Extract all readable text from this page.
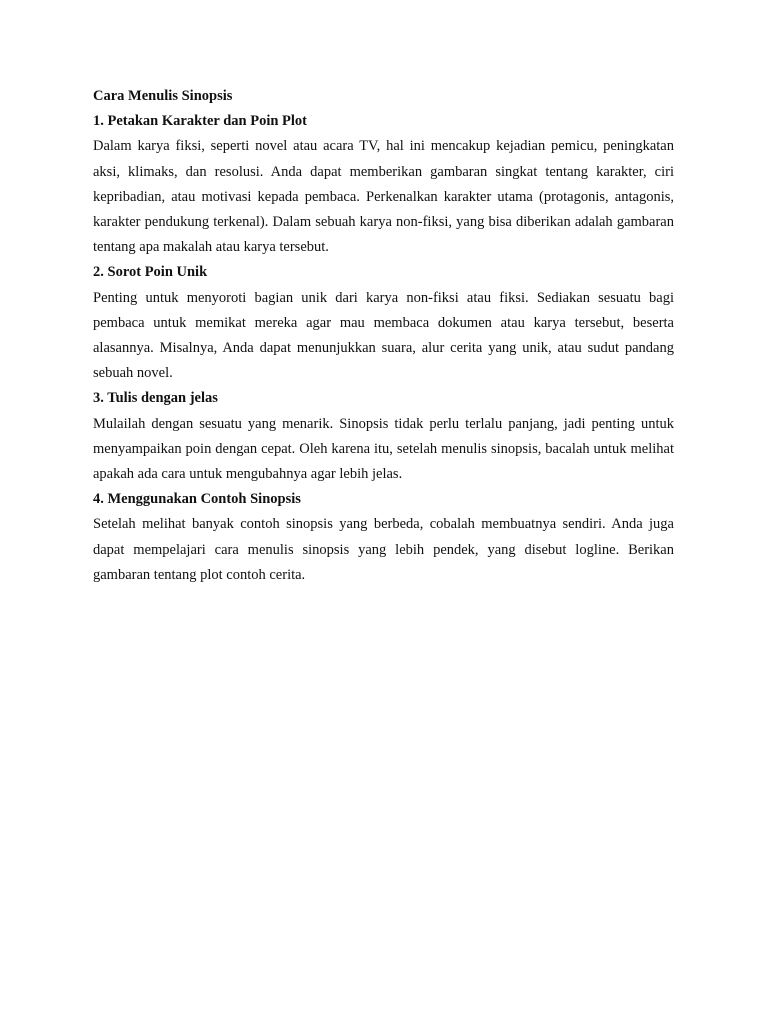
Cara Menulis Sinopsis

1. Petakan Karakter dan Poin Plot

Dalam karya fiksi, seperti novel atau acara TV, hal ini mencakup kejadian pemicu, peningkatan aksi, klimaks, dan resolusi. Anda dapat memberikan gambaran singkat tentang karakter, ciri kepribadian, atau motivasi kepada pembaca. Perkenalkan karakter utama (protagonis, antagonis, karakter pendukung terkenal). Dalam sebuah karya non-fiksi, yang bisa diberikan adalah gambaran tentang apa makalah atau karya tersebut.

2. Sorot Poin Unik

Penting untuk menyoroti bagian unik dari karya non-fiksi atau fiksi. Sediakan sesuatu bagi pembaca untuk memikat mereka agar mau membaca dokumen atau karya tersebut, beserta alasannya. Misalnya, Anda dapat menunjukkan suara, alur cerita yang unik, atau sudut pandang sebuah novel.

3. Tulis dengan jelas

Mulailah dengan sesuatu yang menarik. Sinopsis tidak perlu terlalu panjang, jadi penting untuk menyampaikan poin dengan cepat. Oleh karena itu, setelah menulis sinopsis, bacalah untuk melihat apakah ada cara untuk mengubahnya agar lebih jelas.

4. Menggunakan Contoh Sinopsis

Setelah melihat banyak contoh sinopsis yang berbeda, cobalah membuatnya sendiri. Anda juga dapat mempelajari cara menulis sinopsis yang lebih pendek, yang disebut logline. Berikan gambaran tentang plot contoh cerita.
